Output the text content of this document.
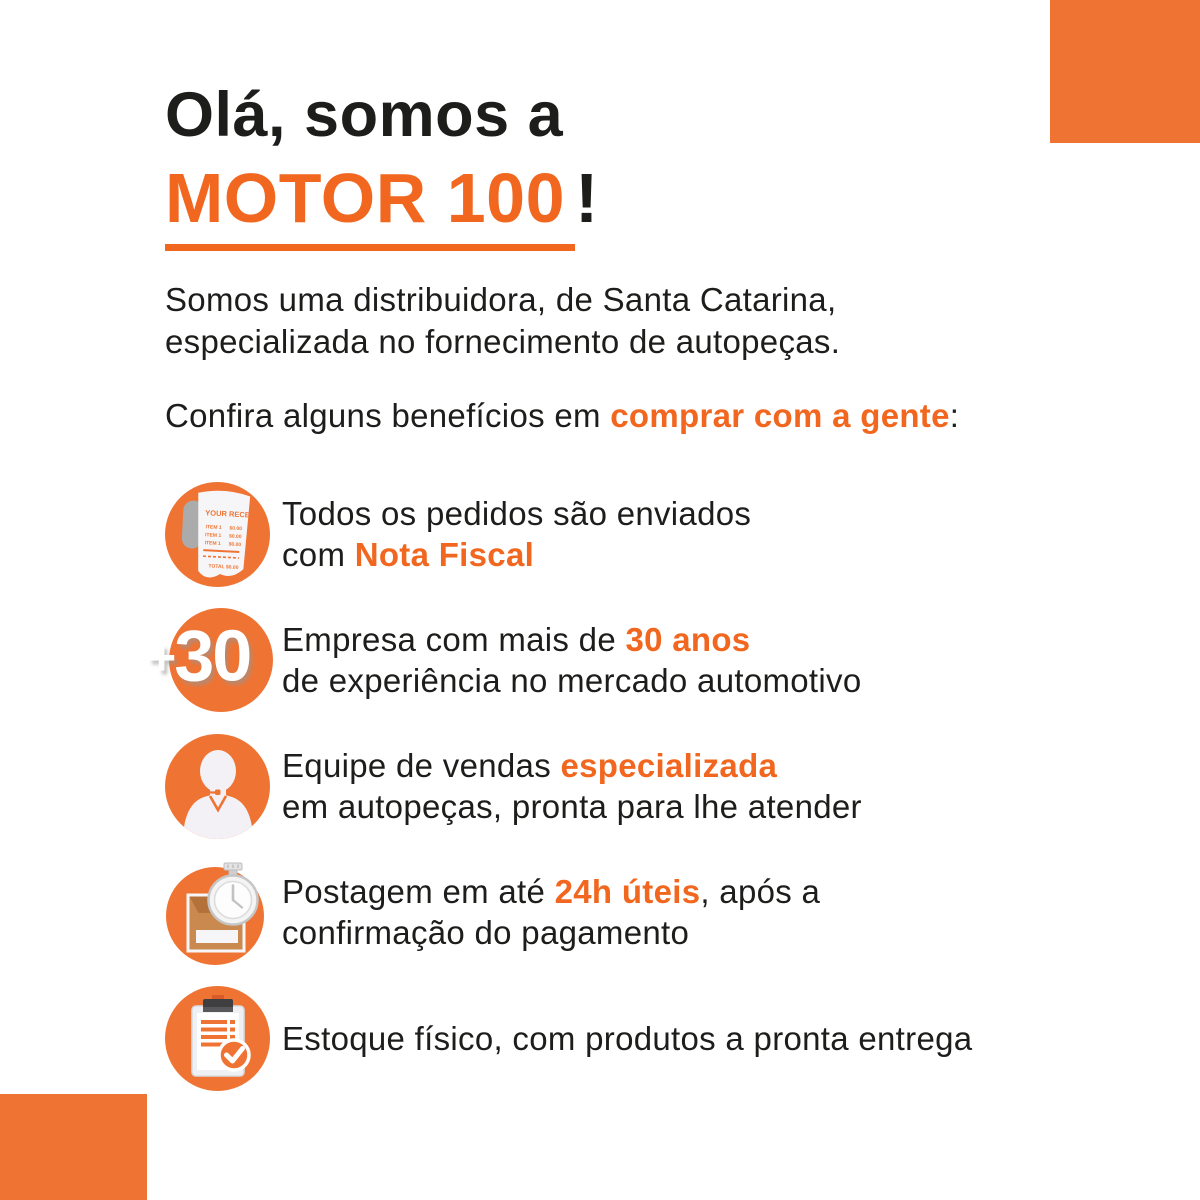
Olá, somos a
MOTOR 100 !

Somos uma distribuidora, de Santa Catarina,
especializada no fornecimento de autopeças.

Confira alguns benefícios em comprar com a gente:

YOUR RECEIPT
ITEM 1 $0.00
ITEM 1 $0.00
ITEM 1 $0.00
TOTAL $0.00
Todos os pedidos são enviados
com Nota Fiscal
+30 Empresa com mais de 30 anos
de experiência no mercado automotivo
Equipe de vendas especializada
em autopeças, pronta para lhe atender
Postagem em até 24h úteis, após a
confirmação do pagamento
Estoque físico, com produtos a pronta entrega
